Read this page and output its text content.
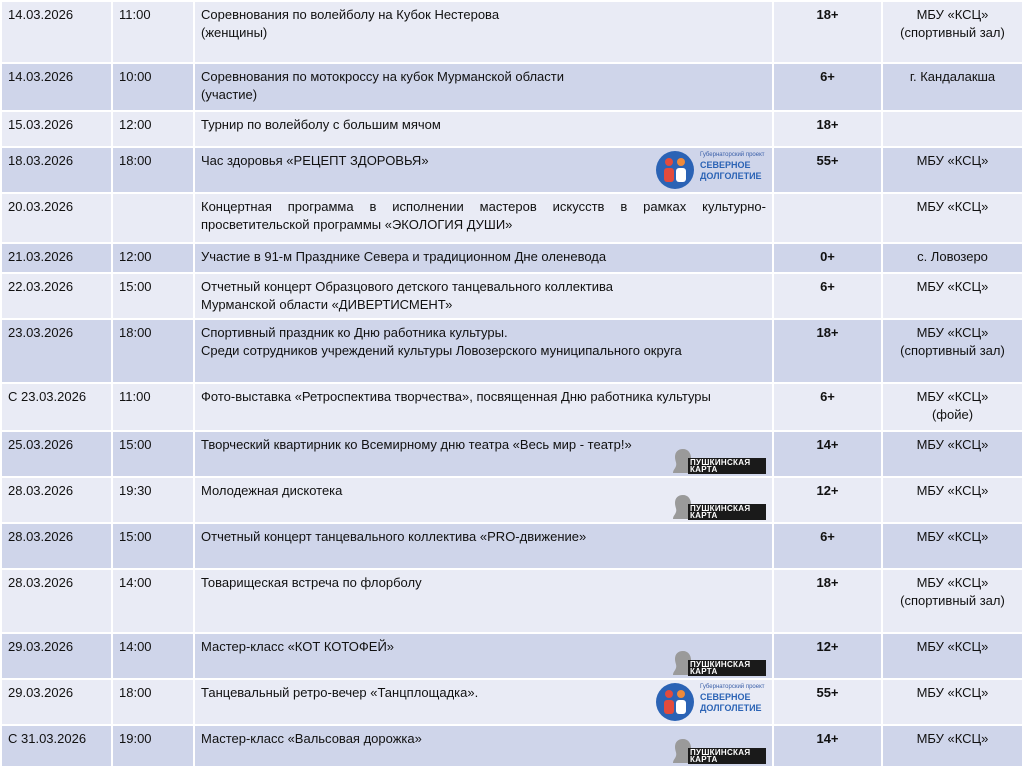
14.03.2026	11:00	Соревнования по волейболу на Кубок Нестерова
(женщины)	18+	МБУ «КСЦ»
(спортивный зал)

14.03.2026	10:00	Соревнования по мотокроссу на кубок Мурманской области
(участие)	6+	г. Кандалакша

15.03.2026	12:00	Турнир по волейболу с большим мячом	18+	
18.03.2026	18:00	Час здоровья «РЕЦЕПТ ЗДОРОВЬЯ» Губернаторский проект
СЕВЕРНОЕ
ДОЛГОЛЕТИЕ	55+	МБУ «КСЦ»

20.03.2026		Концертная программа в исполнении мастеров искусств в рамках культурно-просветительской программы «ЭКОЛОГИЯ ДУШИ»		МБУ «КСЦ»

21.03.2026	12:00	Участие в 91-м Празднике Севера и традиционном Дне оленевода	0+	с. Ловозеро

22.03.2026	15:00	Отчетный концерт Образцового детского танцевального коллектива
Мурманской области «ДИВЕРТИСМЕНТ»	6+	МБУ «КСЦ»

23.03.2026	18:00	Спортивный праздник ко Дню работника культуры.
Среди сотрудников учреждений культуры Ловозерского муниципального округа	18+	МБУ «КСЦ»
(спортивный зал)

С 23.03.2026	11:00	Фото-выставка «Ретроспектива творчества», посвященная Дню работника культуры	6+	МБУ «КСЦ»
(фойе)

25.03.2026	15:00	Творческий квартирник ко Всемирному дню театра «Весь мир - театр!»
ПУШКИНСКАЯ
КАРТА	14+	МБУ «КСЦ»

28.03.2026	19:30	Молодежная дискотека
ПУШКИНСКАЯ
КАРТА	12+	МБУ «КСЦ»

28.03.2026	15:00	Отчетный концерт танцевального коллектива «PRO-движение»	6+	МБУ «КСЦ»

28.03.2026	14:00	Товарищеская встреча по флорболу	18+	МБУ «КСЦ»
(спортивный зал)

29.03.2026	14:00	Мастер-класс «КОТ КОТОФЕЙ»
ПУШКИНСКАЯ
КАРТА	12+	МБУ «КСЦ»

29.03.2026	18:00	Танцевальный ретро-вечер «Танцплощадка». Губернаторский проект
СЕВЕРНОЕ
ДОЛГОЛЕТИЕ	55+	МБУ «КСЦ»

С 31.03.2026	19:00	Мастер-класс «Вальсовая дорожка»
ПУШКИНСКАЯ
КАРТА	14+	МБУ «КСЦ»
